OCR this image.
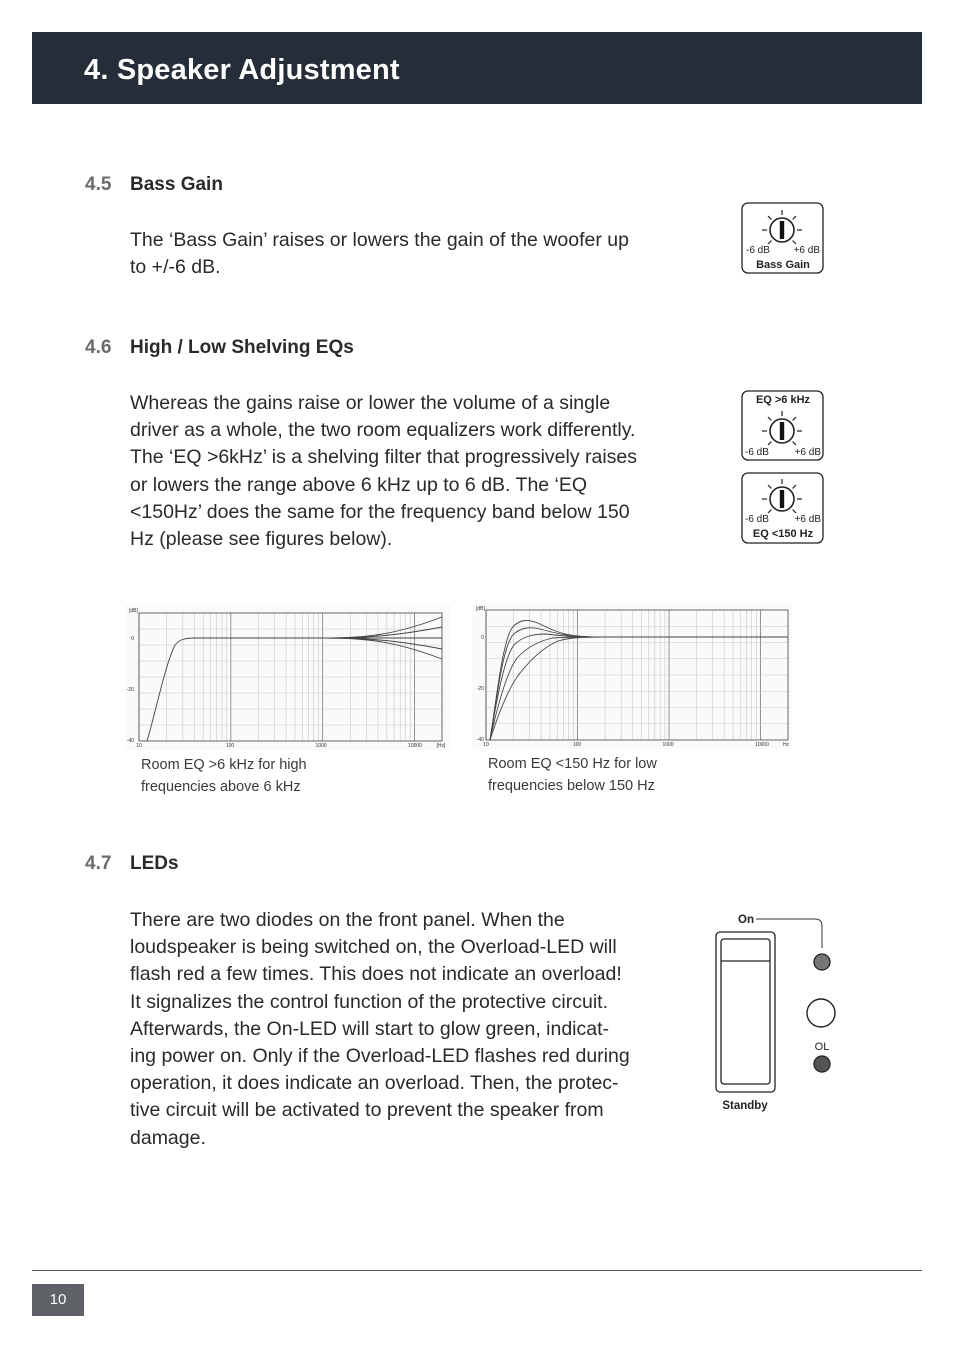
4. Speaker Adjustment
4.5 Bass Gain

The ‘Bass Gain’ raises or lowers the gain of the woofer up
to +/-6 dB.

-6 dB +6 dB
Bass Gain
4.6 High / Low Shelving EQs

Whereas the gains raise or lower the volume of a single
driver as a whole, the two room equalizers work differently.
The ‘EQ >6kHz’ is a shelving filter that progressively raises
or lowers the range above 6 kHz up to 6 dB. The ‘EQ
<150Hz’ does the same for the frequency band below 150
Hz (please see figures below).

EQ >6 kHz
-6 dB	+6 dB
-6 dB	+6 dB
EQ <150 Hz
[dB]
0
-20
-40
10	100	1000	10000	[Hz]
Room EQ >6 kHz for high
frequencies above 6 kHz
[dB]
0
-20
-40
10	100	1000	10000	Hz
Room EQ <150 Hz for low
frequencies below 150 Hz
4.7 LEDs

There are two diodes on the front panel. When the
loudspeaker is being switched on, the Overload-LED will
flash red a few times. This does not indicate an overload!
It signalizes the control function of the protective circuit.
Afterwards, the On-LED will start to glow green, indicat-
ing power on. Only if the Overload-LED flashes red during
operation, it does indicate an overload. Then, the protec-
tive circuit will be activated to prevent the speaker from
damage.

On
OL
Standby
10
